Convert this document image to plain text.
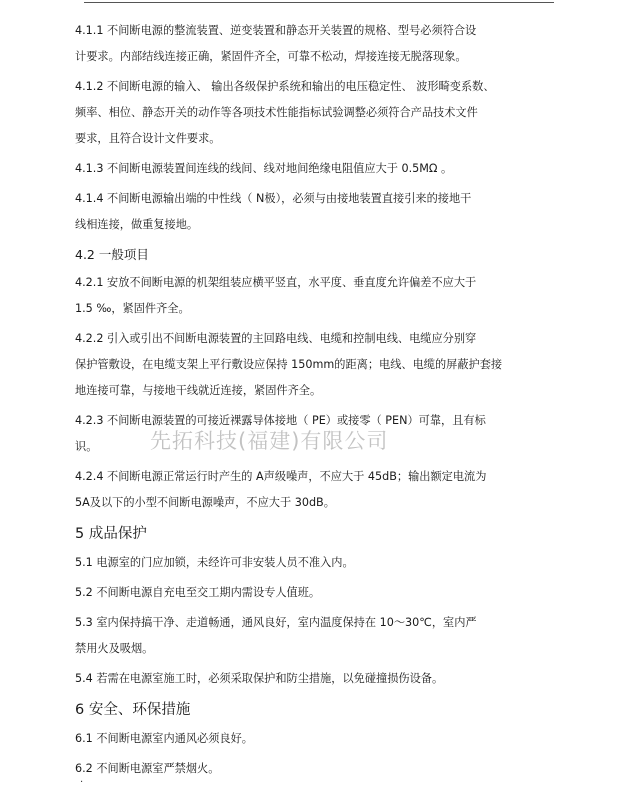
4.1.1 不间断电源的整流装置、逆变装置和静态开关装置的规格、型号必须符合设
计要求。内部结线连接正确，紧固件齐全，可靠不松动，焊接连接无脱落现象。
4.1.2 不间断电源的输入、 输出各级保护系统和输出的电压稳定性、 波形畸变系数、
频率、相位、静态开关的动作等各项技术性能指标试验调整必须符合产品技术文件
要求，且符合设计文件要求。
4.1.3 不间断电源装置间连线的线间、线对地间绝缘电阻值应大于 0.5MΩ 。
4.1.4 不间断电源输出端的中性线（ N极），必须与由接地装置直接引来的接地干
线相连接，做重复接地。
4.2 一般项目
4.2.1 安放不间断电源的机架组装应横平竖直，水平度、垂直度允许偏差不应大于
1.5 ‰，紧固件齐全。
4.2.2 引入或引出不间断电源装置的主回路电线、电缆和控制电线、电缆应分别穿
保护管敷设，在电缆支架上平行敷设应保持 150mm的距离；电线、电缆的屏蔽护套接
地连接可靠，与接地干线就近连接，紧固件齐全。
4.2.3 不间断电源装置的可接近裸露导体接地（ PE）或接零（ PEN）可靠，且有标
识。
4.2.4 不间断电源正常运行时产生的 A声级噪声，不应大于 45dB；输出额定电流为
5A及以下的小型不间断电源噪声，不应大于 30dB。
5 成品保护
5.1 电源室的门应加锁，未经许可非安装人员不准入内。
5.2 不间断电源自充电至交工期内需设专人值班。
5.3 室内保持搞干净、走道畅通，通风良好，室内温度保持在 10～30℃，室内严
禁用火及吸烟。
5.4 若需在电源室施工时，必须采取保护和防尘措施，以免碰撞损伤设备。
6 安全、环保措施
6.1 不间断电源室内通风必须良好。
6.2 不间断电源室严禁烟火。
先拓科技(福建)有限公司
.
